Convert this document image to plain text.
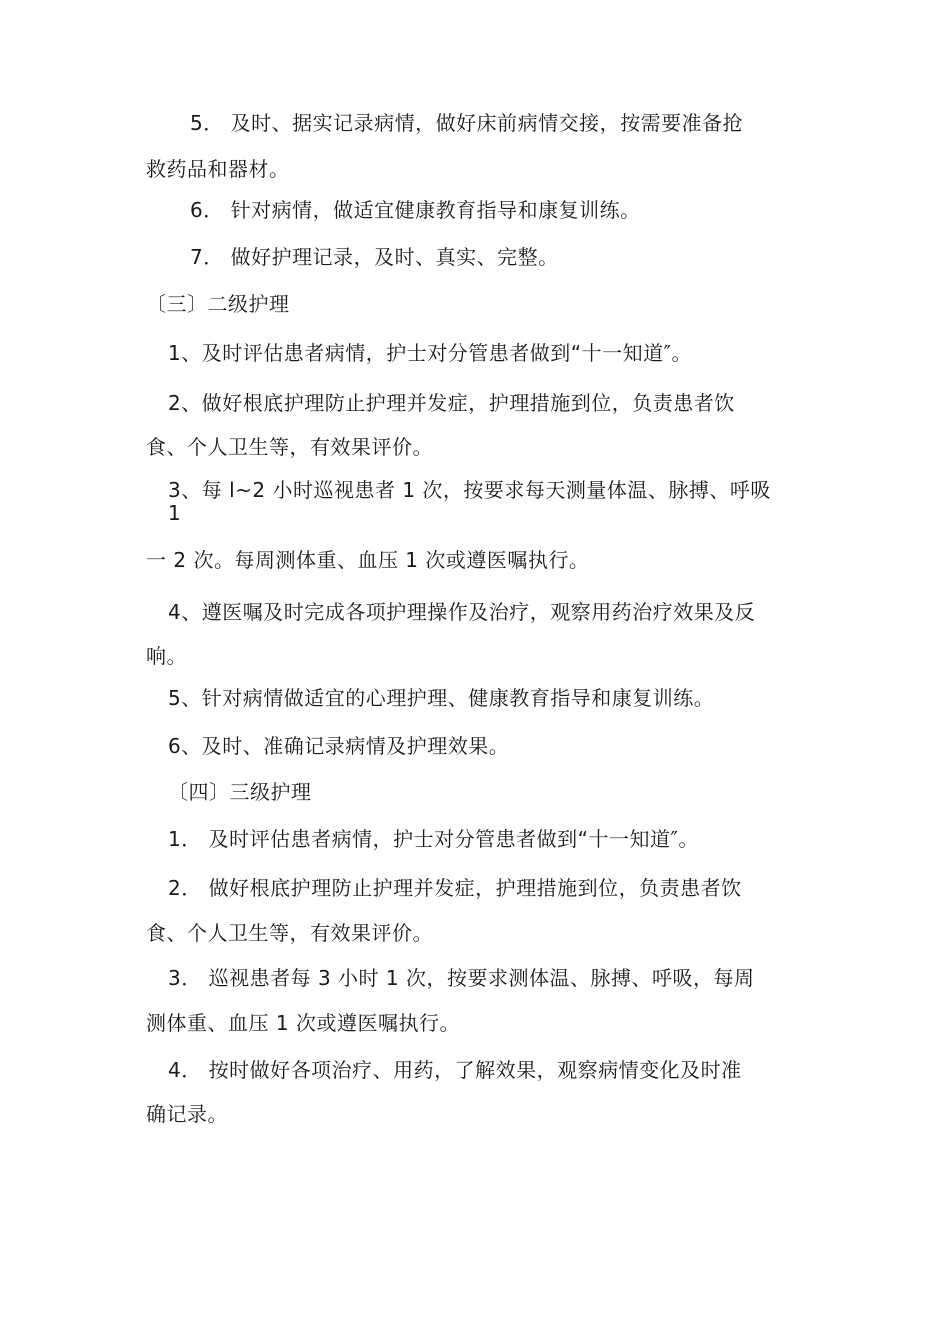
5． 及时、据实记录病情，做好床前病情交接，按需要准备抢
救药品和器材。
6． 针对病情，做适宜健康教育指导和康复训练。
7． 做好护理记录，及时、真实、完整。
〔三〕二级护理
1、及时评估患者病情，护士对分管患者做到“十一知道″。
2、做好根底护理防止护理并发症，护理措施到位，负责患者饮
食、个人卫生等，有效果评价。
3、每 l~2 小时巡视患者 1 次，按要求每天测量体温、脉搏、呼吸
1
一 2 次。每周测体重、血压 1 次或遵医嘱执行。
4、遵医嘱及时完成各项护理操作及治疗，观察用药治疗效果及反
响。
5、针对病情做适宜的心理护理、健康教育指导和康复训练。
6、及时、准确记录病情及护理效果。
〔四〕三级护理
1． 及时评估患者病情，护士对分管患者做到“十一知道″。
2． 做好根底护理防止护理并发症，护理措施到位，负责患者饮
食、个人卫生等，有效果评价。
3． 巡视患者每 3 小时 1 次，按要求测体温、脉搏、呼吸，每周
测体重、血压 1 次或遵医嘱执行。
4． 按时做好各项治疗、用药，了解效果，观察病情变化及时准
确记录。
